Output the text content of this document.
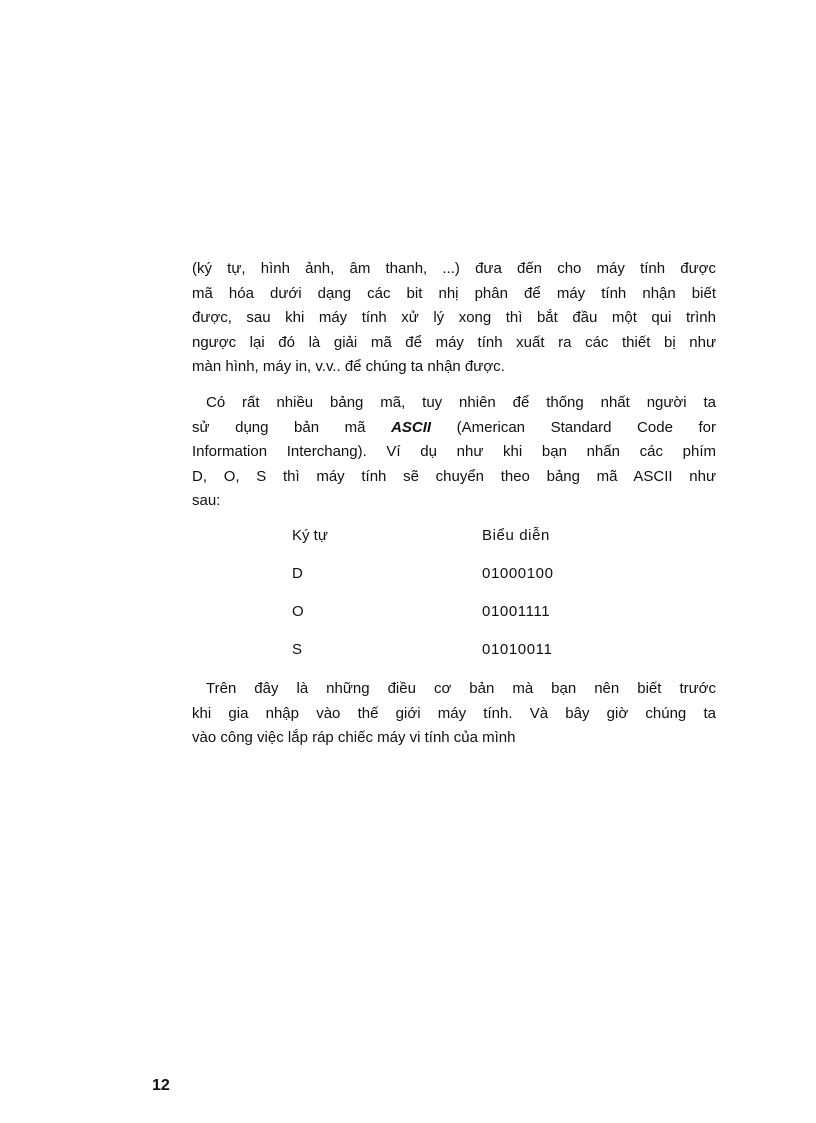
(ký tự, hình ảnh, âm thanh, ...) đưa đến cho máy tính được
mã hóa dưới dạng các bit nhị phân để máy tính nhận biết
được, sau khi máy tính xử lý xong thì bắt đầu một qui trình
ngược lại đó là giải mã để máy tính xuất ra các thiết bị như
màn hình, máy in, v.v.. để chúng ta nhận được.
Có rất nhiều bảng mã, tuy nhiên để thống nhất người ta
sử dụng bản mã ASCII (American Standard Code for
Information Interchang). Ví dụ như khi bạn nhấn các phím
D, O, S thì máy tính sẽ chuyển theo bảng mã ASCII như
sau:
Ký tự	Biểu diễn
D	01000100
O	01001111
S	01010011
Trên đây là những điều cơ bản mà bạn nên biết trước
khi gia nhập vào thế giới máy tính. Và bây giờ chúng ta
vào công việc lắp ráp chiếc máy vi tính của mình
12
